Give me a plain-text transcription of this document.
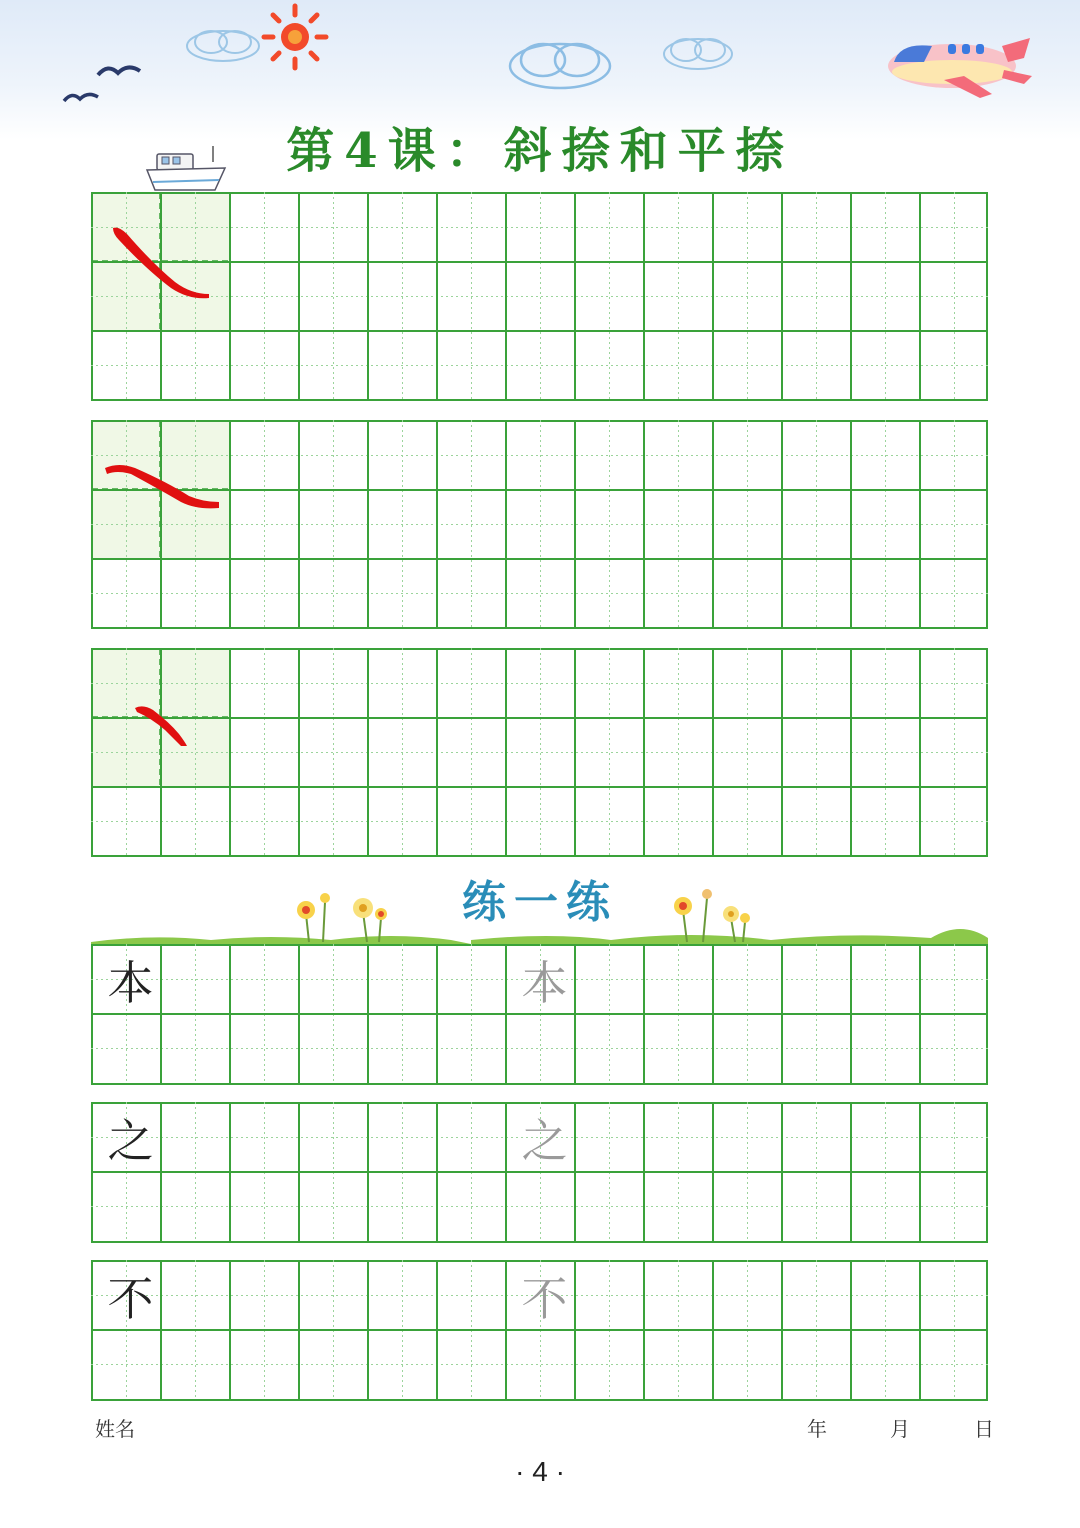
第4课：斜捺和平捺
练一练
本	本
之	之
不	不
姓名	年	月	日
· 4 ·
